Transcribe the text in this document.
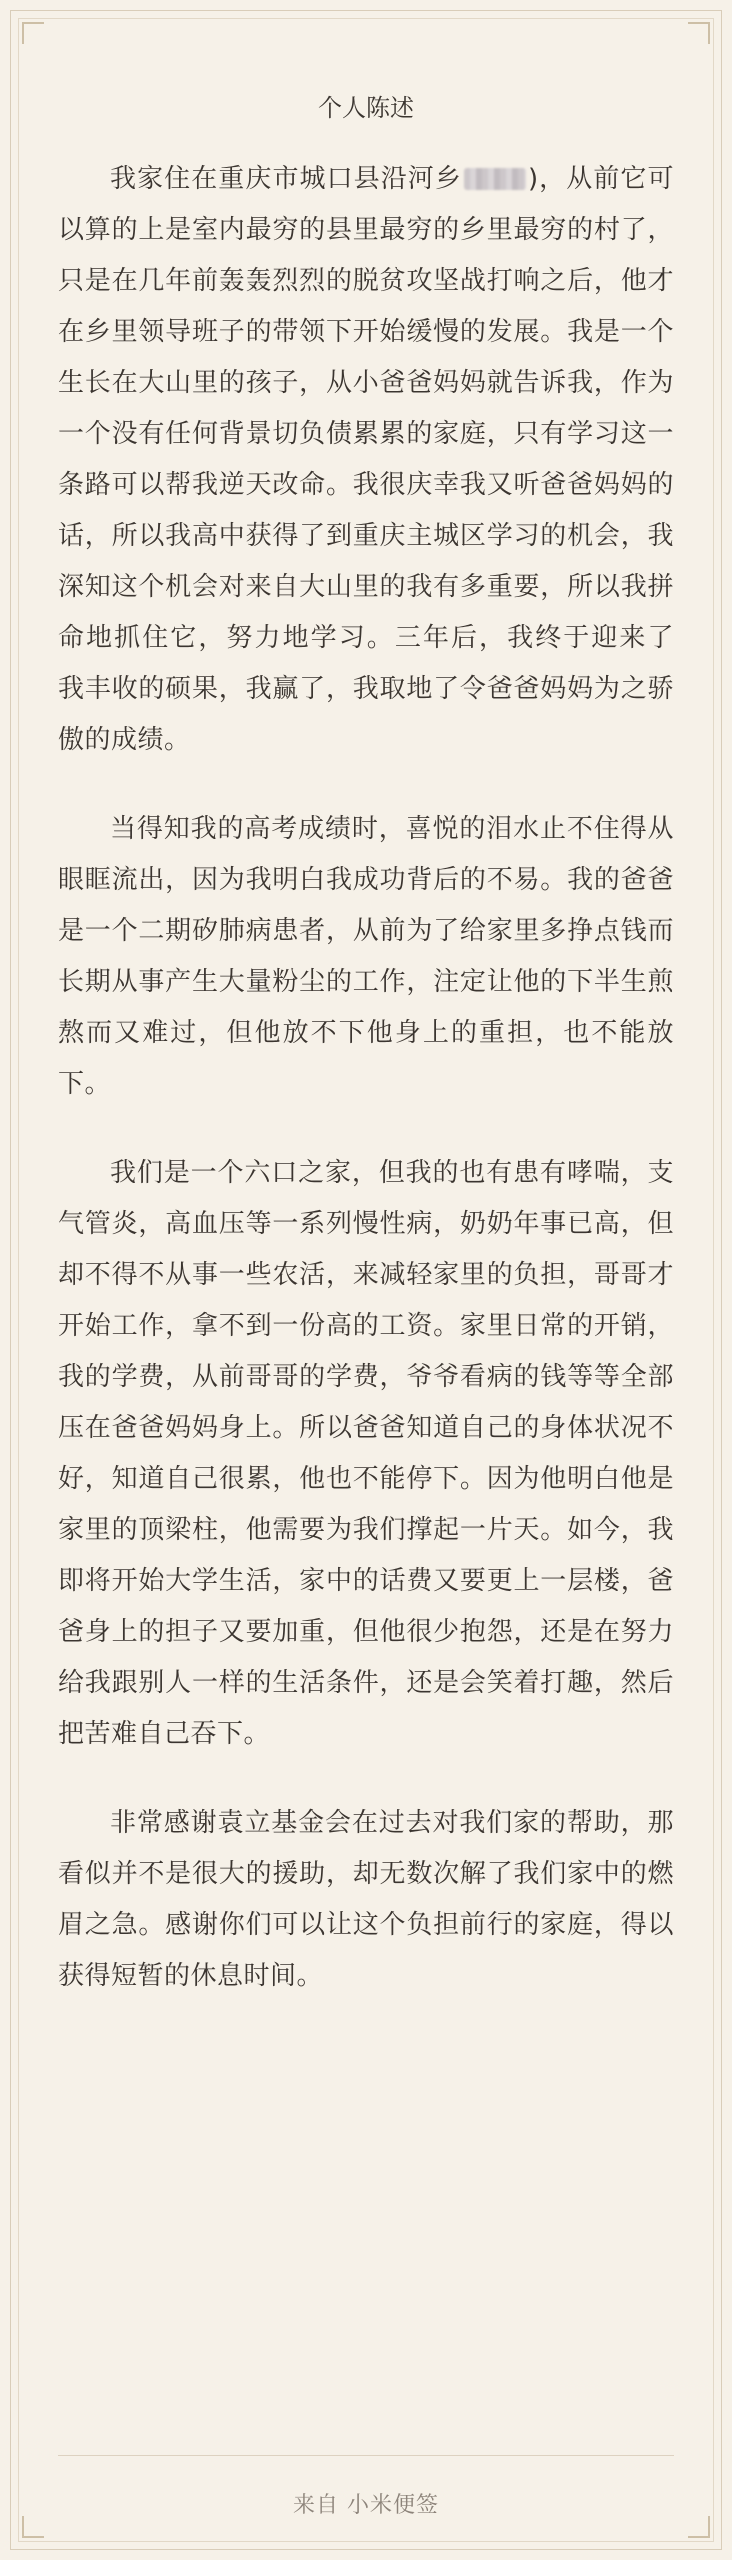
个人陈述

我家住在重庆市城口县沿河乡	)，从前它可以算的上是室内最穷的县里最穷的乡里最穷的村了，只是在几年前轰轰烈烈的脱贫攻坚战打响之后，他才在乡里领导班子的带领下开始缓慢的发展。我是一个生长在大山里的孩子，从小爸爸妈妈就告诉我，作为一个没有任何背景切负债累累的家庭，只有学习这一条路可以帮我逆天改命。我很庆幸我又听爸爸妈妈的话，所以我高中获得了到重庆主城区学习的机会，我深知这个机会对来自大山里的我有多重要，所以我拼命地抓住它，努力地学习。三年后，我终于迎来了 我丰收的硕果，我赢了，我取地了令爸爸妈妈为之骄傲的成绩。

当得知我的高考成绩时，喜悦的泪水止不住得从眼眶流出，因为我明白我成功背后的不易。我的爸爸是一个二期矽肺病患者，从前为了给家里多挣点钱而长期从事产生大量粉尘的工作，注定让他的下半生煎熬而又难过，但他放不下他身上的重担，也不能放下。

我们是一个六口之家，但我的也有患有哮喘，支气管炎，高血压等一系列慢性病，奶奶年事已高，但却不得不从事一些农活，来减轻家里的负担，哥哥才开始工作，拿不到一份高的工资。家里日常的开销，我的学费，从前哥哥的学费，爷爷看病的钱等等全部压在爸爸妈妈身上。所以爸爸知道自己的身体状况不好，知道自己很累，他也不能停下。因为他明白他是家里的顶梁柱，他需要为我们撑起一片天。如今，我即将开始大学生活，家中的话费又要更上一层楼，爸爸身上的担子又要加重，但他很少抱怨，还是在努力给我跟别人一样的生活条件，还是会笑着打趣，然后把苦难自己吞下。

非常感谢袁立基金会在过去对我们家的帮助，那看似并不是很大的援助，却无数次解了我们家中的燃眉之急。感谢你们可以让这个负担前行的家庭，得以获得短暂的休息时间。

来自 小米便签
